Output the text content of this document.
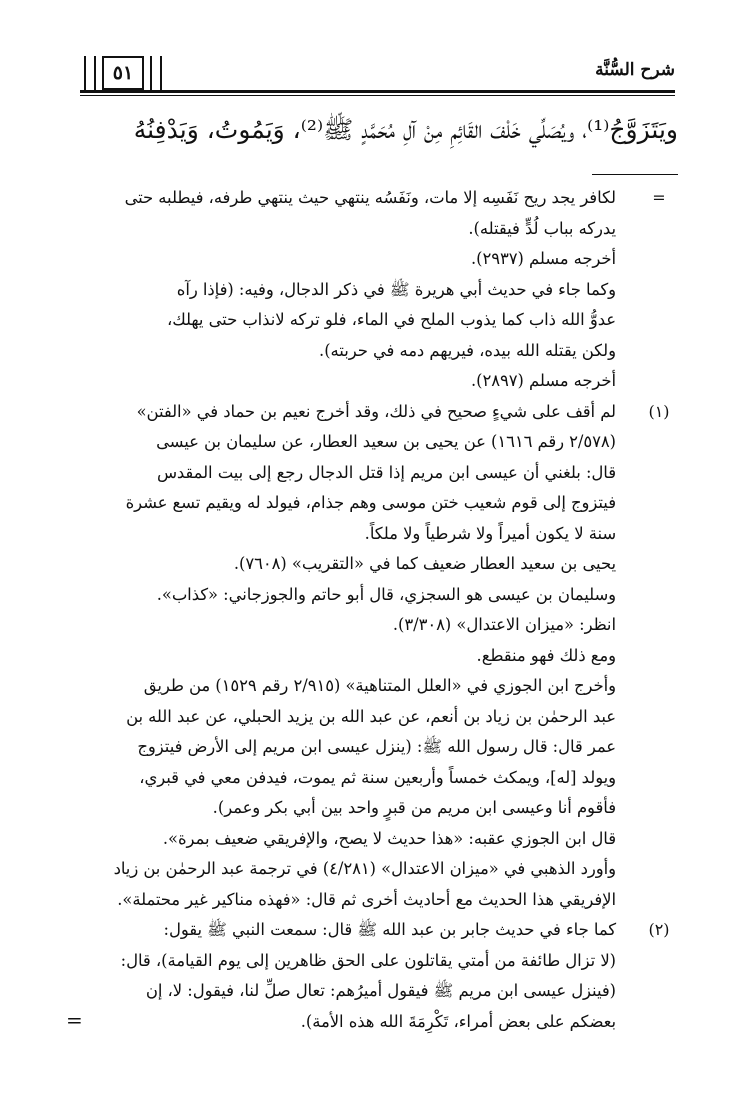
شرح السُّنَّة
٥١
ويَتَزَوَّجُ⁽¹⁾، ويُصَلِّي خَلْفَ القَائِمِ مِنْ آلِ مُحَمَّدٍ ﷺ⁽²⁾، وَيَمُوتُ، وَيَدْفِنُهُ
=
لكافر يجد ريح نَفَسِه إلا مات، ونَفَسُه ينتهي حيث ينتهي طرفه، فيطلبه حتى
يدركه بباب لُدٍّ فيقتله).
أخرجه مسلم (٢٩٣٧).
وكما جاء في حديث أبي هريرة ﷺ في ذكر الدجال، وفيه: (فإذا رآه
عدوُّ الله ذاب كما يذوب الملح في الماء، فلو تركه لانذاب حتى يهلك،
ولكن يقتله الله بيده، فيريهم دمه في حربته).
أخرجه مسلم (٢٨٩٧).
(١)
لم أقف على شيءٍ صحيح في ذلك، وقد أخرج نعيم بن حماد في «الفتن»
(٢/٥٧٨ رقم ١٦١٦) عن يحيى بن سعيد العطار، عن سليمان بن عيسى
قال: بلغني أن عيسى ابن مريم إذا قتل الدجال رجع إلى بيت المقدس
فيتزوج إلى قوم شعيب ختن موسى وهم جذام، فيولد له ويقيم تسع عشرة
سنة لا يكون أميراً ولا شرطياً ولا ملكاً.
يحيى بن سعيد العطار ضعيف كما في «التقريب» (٧٦٠٨).
وسليمان بن عيسى هو السجزي، قال أبو حاتم والجوزجاني: «كذاب».
انظر: «ميزان الاعتدال» (٣/٣٠٨).
ومع ذلك فهو منقطع.
وأخرج ابن الجوزي في «العلل المتناهية» (٢/٩١٥ رقم ١٥٢٩) من طريق
عبد الرحمٰن بن زياد بن أنعم، عن عبد الله بن يزيد الحبلي، عن عبد الله بن
عمر قال: قال رسول الله ﷺ: (ينزل عيسى ابن مريم إلى الأرض فيتزوج
ويولد [له]، ويمكث خمساً وأربعين سنة ثم يموت، فيدفن معي في قبري،
فأقوم أنا وعيسى ابن مريم من قبرٍ واحد بين أبي بكر وعمر).
قال ابن الجوزي عقبه: «هذا حديث لا يصح، والإفريقي ضعيف بمرة».
وأورد الذهبي في «ميزان الاعتدال» (٤/٢٨١) في ترجمة عبد الرحمٰن بن زياد
الإفريقي هذا الحديث مع أحاديث أخرى ثم قال: «فهذه مناكير غير محتملة».
(٢)
كما جاء في حديث جابر بن عبد الله ﷺ قال: سمعت النبي ﷺ يقول:
(لا تزال طائفة من أمتي يقاتلون على الحق ظاهرين إلى يوم القيامة)، قال:
(فينزل عيسى ابن مريم ﷺ فيقول أميرُهم: تعال صلِّ لنا، فيقول: لا، إن
بعضكم على بعض أمراء، تَكْرِمَةَ الله هذه الأمة).
=
